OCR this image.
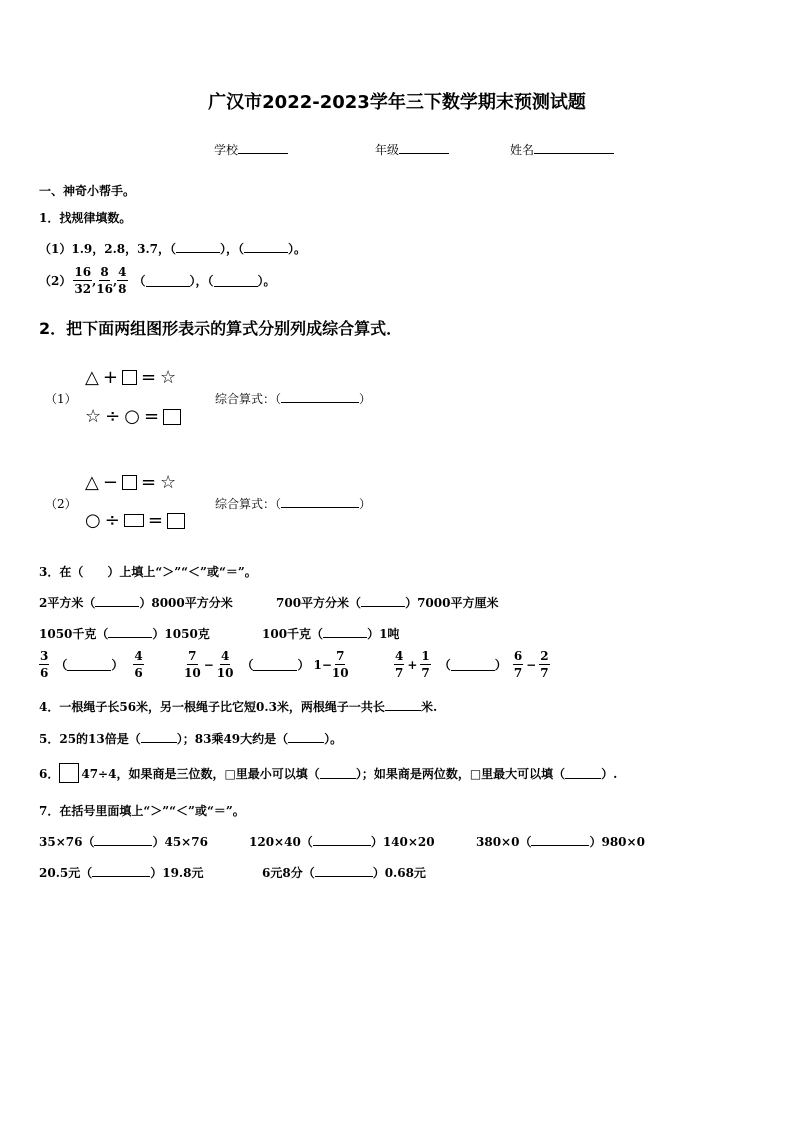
广汉市2022-2023学年三下数学期末预测试题
学校	年级	姓名
一、神奇小帮手。
1．找规律填数。
（1）1.9，2.8，3.7，（	），（	）。
$(2) \frac{16}{32}$ , $\frac{8}{16}$ , $\frac{4}{8}$ （	），（	）。
2．把下面两组图形表示的算式分别列成综合算式．
（1）
△ + = ☆
☆ ÷ ○ =
综合算式：（	）
（2）
△ − = ☆
○ ÷ =
综合算式：（	）
3．在（　　）上填上“＞”“＜”或“＝”。
2平方米（	）8000平方分米	700平方分米（	）7000平方厘米
1050千克（	）1050克	100千克（	）1吨
$\frac{3}{6}$ （	） $\frac{4}{6}$	$\frac{7}{10} - \frac{4}{10}$ （	） $1- \frac{7}{10}$	$\frac{4}{7} + \frac{1}{7}$ （	） $\frac{6}{7} - \frac{2}{7}$
4．一根绳子长56米，另一根绳子比它短0.3米，两根绳子一共长	米.
5．25的13倍是（	）；83乘49大约是（	）。
6． 47÷4，如果商是三位数，□里最小可以填（	）；如果商是两位数，□里最大可以填（	）.
7．在括号里面填上“＞”“＜”或“＝”。
35×76（	）45×76	120×40（	）140×20	380×0（	）980×0
20.5元（	）19.8元	6元8分（	）0.68元
